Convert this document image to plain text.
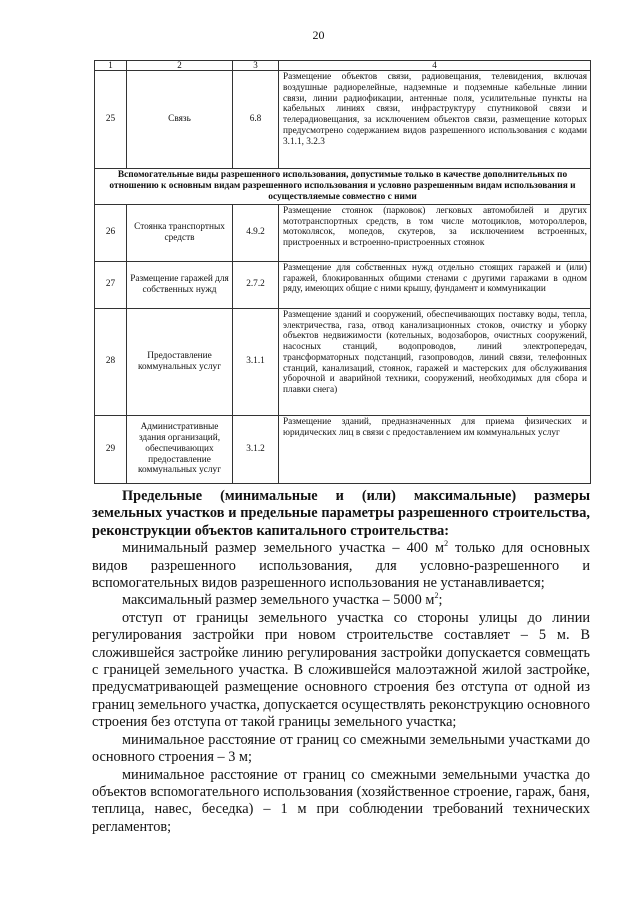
20
1	2	3	4
25	Связь	6.8	Размещение объектов связи, радиовещания, телевидения, включая воздушные радиорелейные, надземные и подземные кабельные линии связи, линии радиофикации, антенные поля, усилительные пункты на кабельных линиях связи, инфраструктуру спутниковой связи и телерадиовещания, за исключением объектов связи, размещение которых предусмотрено содержанием видов разрешенного использования с кодами 3.1.1, 3.2.3
Вспомогательные виды разрешенного использования, допустимые только в качестве дополнительных по отношению к основным видам разрешенного использования и условно разрешенным видам использования и осуществляемые совместно с ними			
26	Стоянка транспортных средств	4.9.2	Размещение стоянок (парковок) легковых автомобилей и других мототранспортных средств, в том числе мотоциклов, мотороллеров, мотоколясок, мопедов, скутеров, за исключением встроенных, пристроенных и встроенно-пристроенных стоянок
27	Размещение гаражей для собственных нужд	2.7.2	Размещение для собственных нужд отдельно стоящих гаражей и (или) гаражей, блокированных общими стенами с другими гаражами в одном ряду, имеющих общие с ними крышу, фундамент и коммуникации
28	Предоставление коммунальных услуг	3.1.1	Размещение зданий и сооружений, обеспечивающих поставку воды, тепла, электричества, газа, отвод канализационных стоков, очистку и уборку объектов недвижимости (котельных, водозаборов, очистных сооружений, насосных станций, водопроводов, линий электропередач, трансформаторных подстанций, газопроводов, линий связи, телефонных станций, канализаций, стоянок, гаражей и мастерских для обслуживания уборочной и аварийной техники, сооружений, необходимых для сбора и плавки снега)
29	Административные здания организаций, обеспечивающих предоставление коммунальных услуг	3.1.2	Размещение зданий, предназначенных для приема физических и юридических лиц в связи с предоставлением им коммунальных услуг

Предельные (минимальные и (или) максимальные) размеры земельных участков и предельные параметры разрешенного строительства, реконструкции объектов капитального строительства:

минимальный размер земельного участка – 400 $м^2$ только для основных видов разрешенного использования, для условно-разрешенного и вспомогательных видов разрешенного использования не устанавливается;

максимальный размер земельного участка – 5000 $м^2$;

отступ от границы земельного участка со стороны улицы до линии регулирования застройки при новом строительстве составляет – 5 м. В сложившейся застройке линию регулирования застройки допускается совмещать с границей земельного участка. В сложившейся малоэтажной жилой застройке, предусматривающей размещение основного строения без отступа от одной из границ земельного участка, допускается осуществлять реконструкцию основного строения без отступа от такой границы земельного участка;

минимальное расстояние от границ со смежными земельными участками до основного строения – 3 м;

минимальное расстояние от границ со смежными земельными участка до объектов вспомогательного использования (хозяйственное строение, гараж, баня, теплица, навес, беседка) – 1 м при соблюдении требований технических регламентов;
